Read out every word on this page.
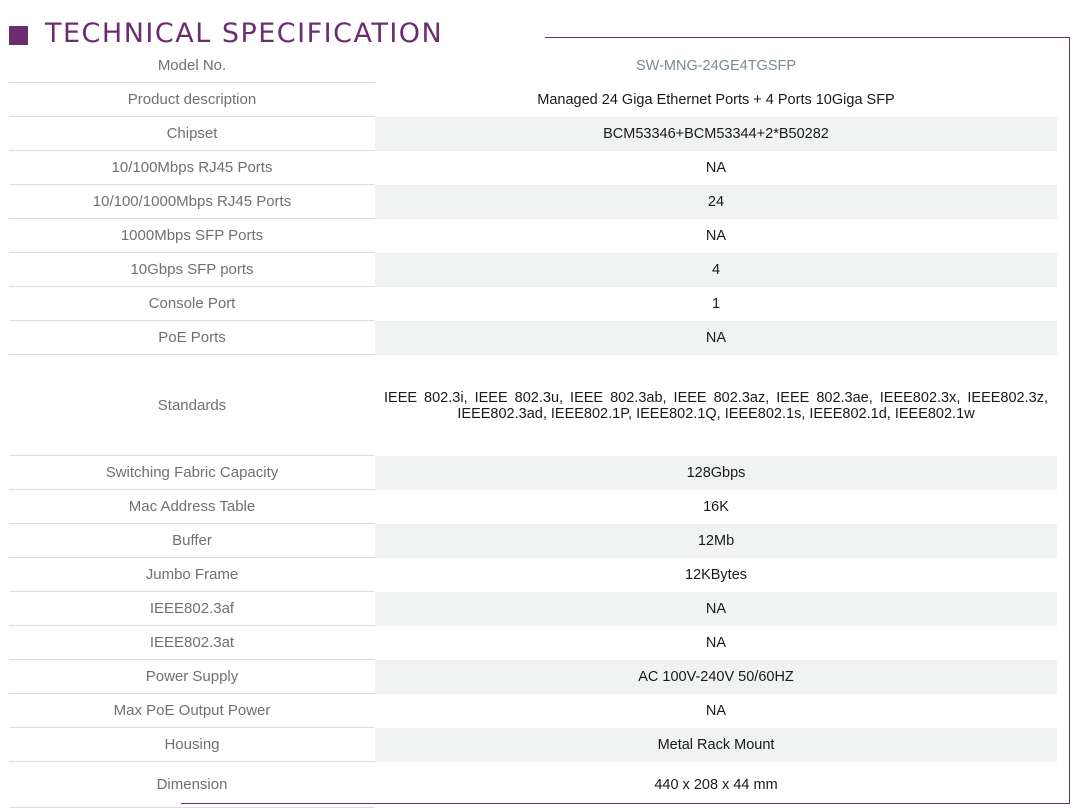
TECHNICAL SPECIFICATION
Model No.	SW-MNG-24GE4TGSFP
Product description	Managed 24 Giga Ethernet Ports + 4 Ports 10Giga SFP
Chipset	BCM53346+BCM53344+2*B50282
10/100Mbps RJ45 Ports	NA
10/100/1000Mbps RJ45 Ports	24
1000Mbps SFP Ports	NA
10Gbps SFP ports	4
Console Port	1
PoE Ports	NA
Standards	IEEE 802.3i, IEEE 802.3u, IEEE 802.3ab, IEEE 802.3az, IEEE 802.3ae, IEEE802.3x, IEEE802.3z, IEEE802.3ad, IEEE802.1P, IEEE802.1Q, IEEE802.1s, IEEE802.1d, IEEE802.1w
Switching Fabric Capacity	128Gbps
Mac Address Table	16K
Buffer	12Mb
Jumbo Frame	12KBytes
IEEE802.3af	NA
IEEE802.3at	NA
Power Supply	AC 100V-240V 50/60HZ
Max PoE Output Power	NA
Housing	Metal Rack Mount
Dimension	440 x 208 x 44 mm
